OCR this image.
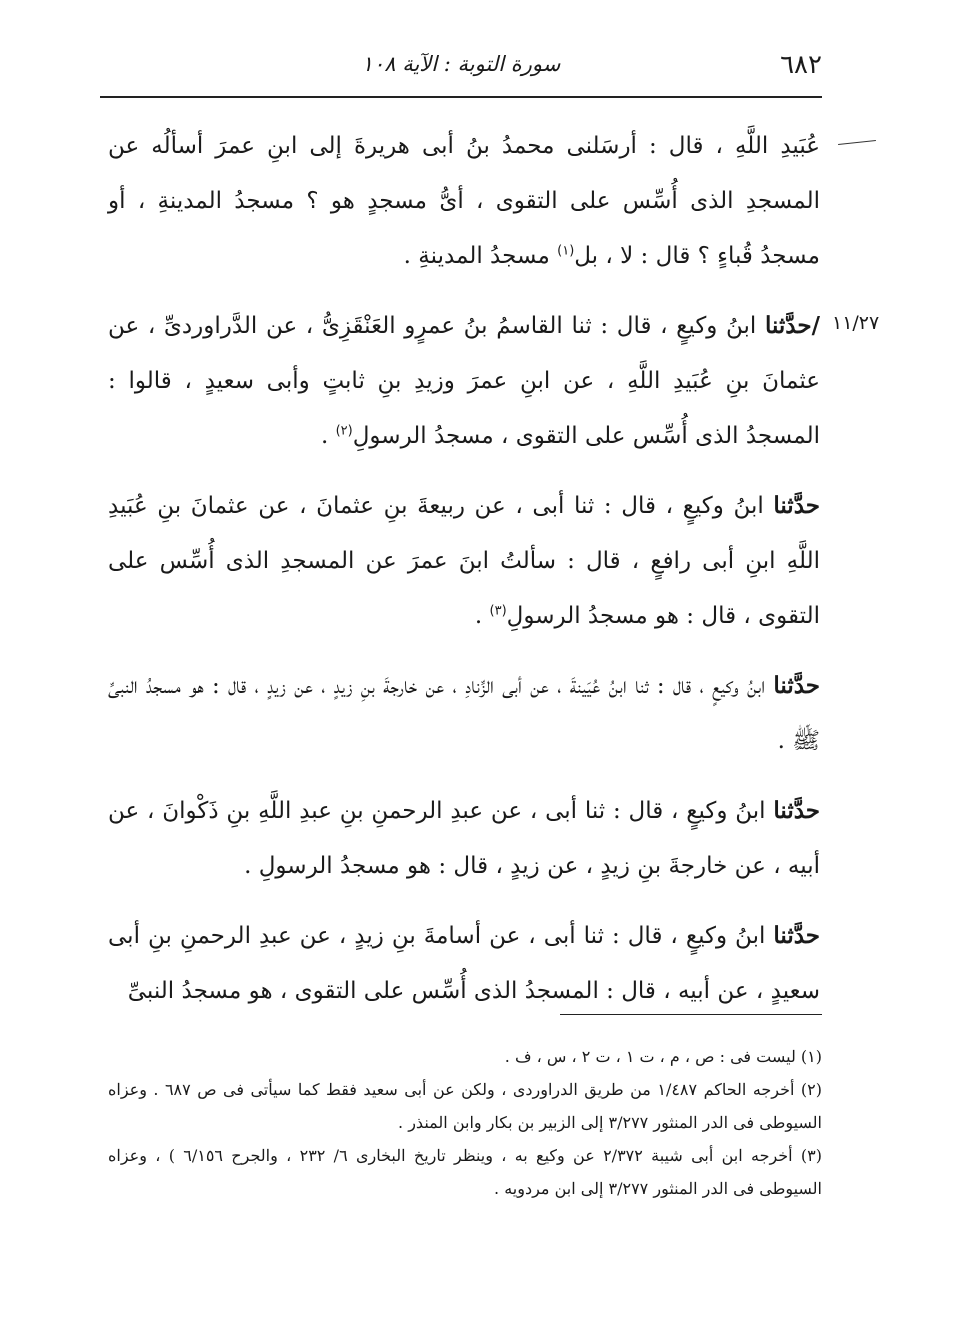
٦٨٢
سورة التوبة : الآية ١٠٨
١١/٢٧

عُبَيدِ اللَّهِ ، قال : أرسَلنى محمدُ بنُ أبى هريرةَ إلى ابنِ عمرَ أسألُه عن المسجدِ الذى أُسِّس على التقوى ، أىُّ مسجدٍ هو ؟ مسجدُ المدينةِ ، أو مسجدُ قُباءٍ ؟ قال : لا ، بل$^{(١)}$ مسجدُ المدينةِ .

/حدَّثنا ابنُ وكيعٍ ، قال : ثنا القاسمُ بنُ عمرٍو العَنْقَزِىُّ ، عن الدَّراوردىِّ ، عن عثمانَ بنِ عُبَيدِ اللَّهِ ، عن ابنِ عمرَ وزيدِ بنِ ثابتٍ وأبى سعيدٍ ، قالوا : المسجدُ الذى أُسِّس على التقوى ، مسجدُ الرسولِ$^{(٢)}$ .

حدَّثنا ابنُ وكيعٍ ، قال : ثنا أبى ، عن ربيعةَ بنِ عثمانَ ، عن عثمانَ بنِ عُبَيدِ اللَّهِ ابنِ أبى رافعٍ ، قال : سألتُ ابنَ عمرَ عن المسجدِ الذى أُسِّس على التقوى ، قال : هو مسجدُ الرسولِ$^{(٣)}$ .

حدَّثنا ابنُ وكيعٍ ، قال : ثنا ابنُ عُيَينةَ ، عن أبى الزِّنادِ ، عن خارجةَ بنِ زيدٍ ، عن زيدٍ ، قال : هو مسجدُ النبىِّ ﷺ .

حدَّثنا ابنُ وكيعٍ ، قال : ثنا أبى ، عن عبدِ الرحمنِ بنِ عبدِ اللَّهِ بنِ ذَكْوانَ ، عن أبيه ، عن خارجةَ بنِ زيدٍ ، عن زيدٍ ، قال : هو مسجدُ الرسولِ .

حدَّثنا ابنُ وكيعٍ ، قال : ثنا أبى ، عن أسامةَ بنِ زيدٍ ، عن عبدِ الرحمنِ بنِ أبى سعيدٍ ، عن أبيه ، قال : المسجدُ الذى أُسِّس على التقوى ، هو مسجدُ النبىِّ

(١) ليست فى : ص ، م ، ت ١ ، ت ٢ ، س ، ف .

(٢) أخرجه الحاكم ١/٤٨٧ من طريق الدراوردى ، ولكن عن أبى سعيد فقط كما سيأتى فى ص ٦٨٧ . وعزاه السيوطى فى الدر المنثور ٣/٢٧٧ إلى الزبير بن بكار وابن المنذر .

(٣) أخرجه ابن أبى شيبة ٢/٣٧٢ عن وكيع به ، وينظر تاريخ البخارى ٦/ ٢٣٢ ، والجرح ٦/١٥٦ ) ، وعزاه السيوطى فى الدر المنثور ٣/٢٧٧ إلى ابن مردويه .
